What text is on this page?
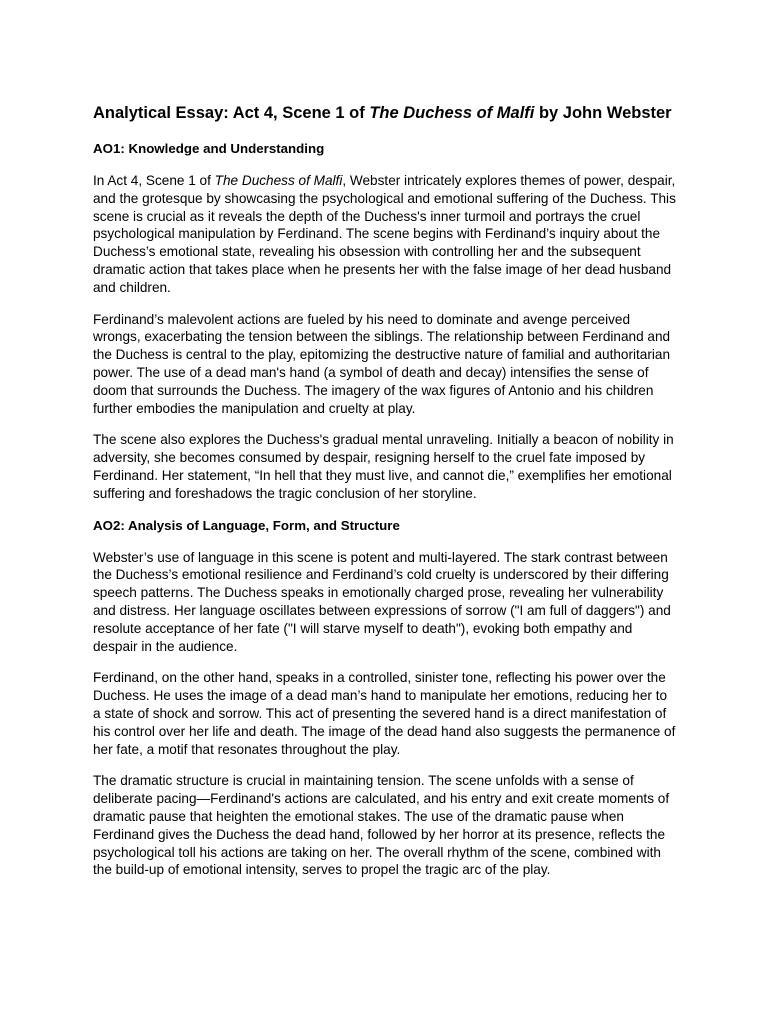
Analytical Essay: Act 4, Scene 1 of The Duchess of Malfi by John Webster
AO1: Knowledge and Understanding

In Act 4, Scene 1 of The Duchess of Malfi, Webster intricately explores themes of power, despair, and the grotesque by showcasing the psychological and emotional suffering of the Duchess. This scene is crucial as it reveals the depth of the Duchess's inner turmoil and portrays the cruel psychological manipulation by Ferdinand. The scene begins with Ferdinand’s inquiry about the Duchess’s emotional state, revealing his obsession with controlling her and the subsequent dramatic action that takes place when he presents her with the false image of her dead husband and children.

Ferdinand’s malevolent actions are fueled by his need to dominate and avenge perceived wrongs, exacerbating the tension between the siblings. The relationship between Ferdinand and the Duchess is central to the play, epitomizing the destructive nature of familial and authoritarian power. The use of a dead man's hand (a symbol of death and decay) intensifies the sense of doom that surrounds the Duchess. The imagery of the wax figures of Antonio and his children further embodies the manipulation and cruelty at play.

The scene also explores the Duchess's gradual mental unraveling. Initially a beacon of nobility in adversity, she becomes consumed by despair, resigning herself to the cruel fate imposed by Ferdinand. Her statement, “In hell that they must live, and cannot die,” exemplifies her emotional suffering and foreshadows the tragic conclusion of her storyline.

AO2: Analysis of Language, Form, and Structure

Webster’s use of language in this scene is potent and multi-layered. The stark contrast between the Duchess’s emotional resilience and Ferdinand’s cold cruelty is underscored by their differing speech patterns. The Duchess speaks in emotionally charged prose, revealing her vulnerability and distress. Her language oscillates between expressions of sorrow ("I am full of daggers") and resolute acceptance of her fate ("I will starve myself to death"), evoking both empathy and despair in the audience.

Ferdinand, on the other hand, speaks in a controlled, sinister tone, reflecting his power over the Duchess. He uses the image of a dead man’s hand to manipulate her emotions, reducing her to a state of shock and sorrow. This act of presenting the severed hand is a direct manifestation of his control over her life and death. The image of the dead hand also suggests the permanence of her fate, a motif that resonates throughout the play.

The dramatic structure is crucial in maintaining tension. The scene unfolds with a sense of deliberate pacing—Ferdinand's actions are calculated, and his entry and exit create moments of dramatic pause that heighten the emotional stakes. The use of the dramatic pause when Ferdinand gives the Duchess the dead hand, followed by her horror at its presence, reflects the psychological toll his actions are taking on her. The overall rhythm of the scene, combined with the build-up of emotional intensity, serves to propel the tragic arc of the play.
